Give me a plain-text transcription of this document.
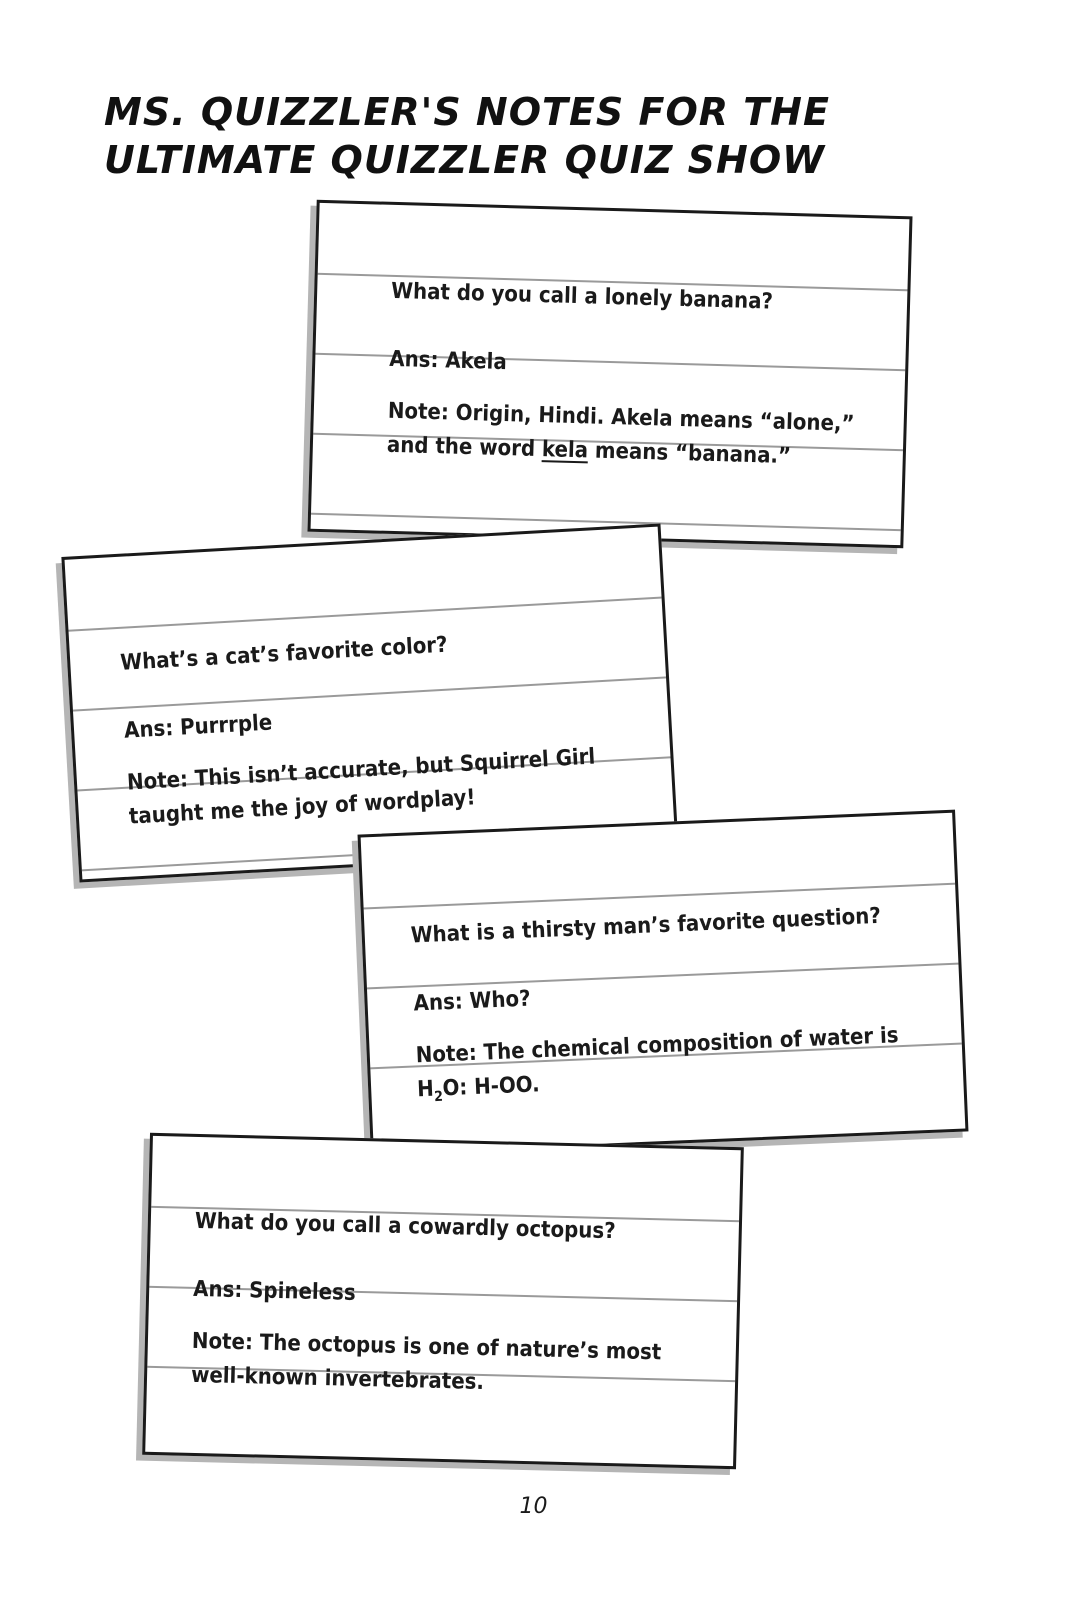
MS. QUIZZLER'S NOTES FOR THE
ULTIMATE QUIZZLER QUIZ SHOW

What do you call a lonely banana?

Ans: Akela

Note: Origin, Hindi. Akela means “alone,” and the word kela means “banana.”

What’s a cat’s favorite color?

Ans: Purrrple

Note: This isn’t accurate, but Squirrel Girl taught me the joy of wordplay!

What is a thirsty man’s favorite question?

Ans: Who?

Note: The chemical composition of water is $H_2O$: H-OO.

What do you call a cowardly octopus?

Ans: Spineless

Note: The octopus is one of nature’s most well-known invertebrates.

10
